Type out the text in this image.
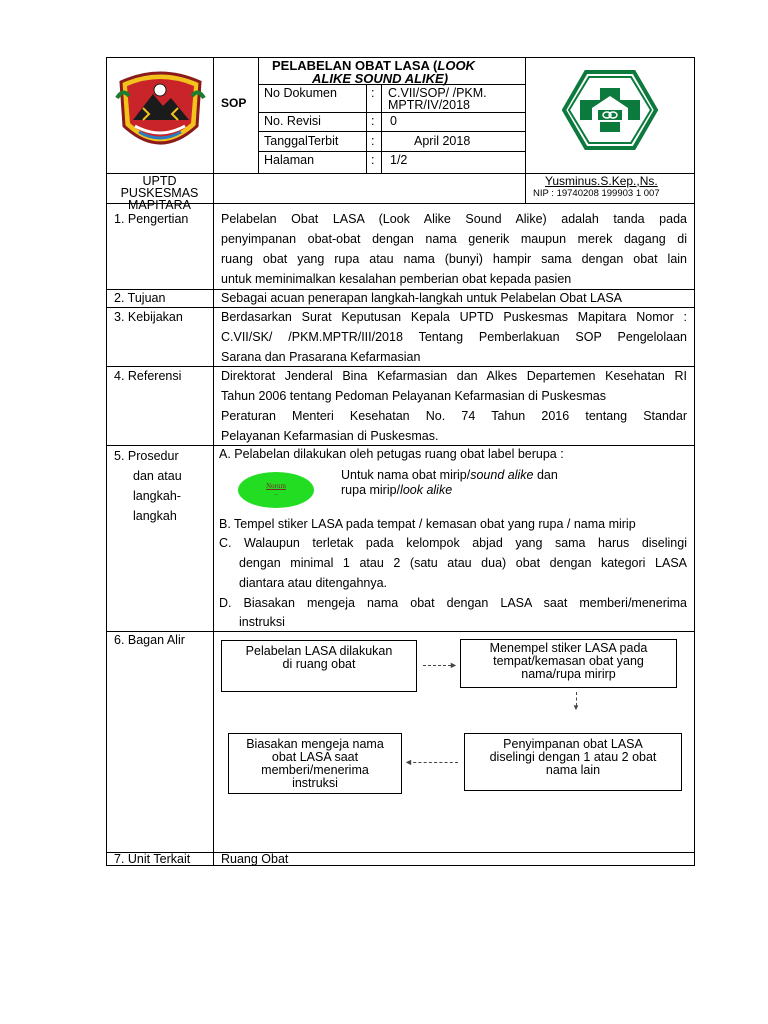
SOP
PELABELAN OBAT LASA (LOOK
ALIKE SOUND ALIKE)
No Dokumen	: C.VII/SOP/ /PKM.
MPTR/IV/2018
No. Revisi	: 0
TanggalTerbit	:	April 2018
Halaman	: 1/2
UPTD
PUSKESMAS
MAPITARA
Yusminus.S.Kep.,Ns.
NIP : 19740208 199903 1 007
1. Pengertian	Pelabelan Obat LASA (Look Alike Sound Alike) adalah tanda pada
penyimpanan obat-obat dengan nama generik maupun merek dagang di
ruang obat yang rupa atau nama (bunyi) hampir sama dengan obat lain
untuk meminimalkan kesalahan pemberian obat kepada pasien
2. Tujuan	Sebagai acuan penerapan langkah-langkah untuk Pelabelan Obat LASA
3. Kebijakan	Berdasarkan Surat Keputusan Kepala UPTD Puskesmas Mapitara Nomor :
C.VII/SK/ /PKM.MPTR/III/2018 Tentang Pemberlakuan SOP Pengelolaan
Sarana dan Prasarana Kefarmasian
4. Referensi	Direktorat Jenderal Bina Kefarmasian dan Alkes Departemen Kesehatan RI
Tahun 2006 tentang Pedoman Pelayanan Kefarmasian di Puskesmas
Peraturan Menteri Kesehatan No. 74 Tahun 2016 tentang Standar
Pelayanan Kefarmasian di Puskesmas.
5. Prosedur
dan atau
langkah-
langkah
A. Pelabelan dilakukan oleh petugas ruang obat label berupa :
Norum
..
Untuk nama obat mirip/sound alike dan
rupa mirip/look alike
B. Tempel stiker LASA pada tempat / kemasan obat yang rupa / nama mirip
C. Walaupun terletak pada kelompok abjad yang sama harus diselingi
dengan minimal 1 atau 2 (satu atau dua) obat dengan kategori LASA
diantara atau ditengahnya.
D. Biasakan mengeja nama obat dengan LASA saat memberi/menerima
instruksi
6. Bagan Alir
Pelabelan LASA dilakukan
di ruang obat	►
Menempel stiker LASA pada
tempat/kemasan obat yang
nama/rupa mirirp
▼
Penyimpanan obat LASA
diselingi dengan 1 atau 2 obat
nama lain
◄
Biasakan mengeja nama
obat LASA saat
memberi/menerima
instruksi
7. Unit Terkait Ruang Obat
